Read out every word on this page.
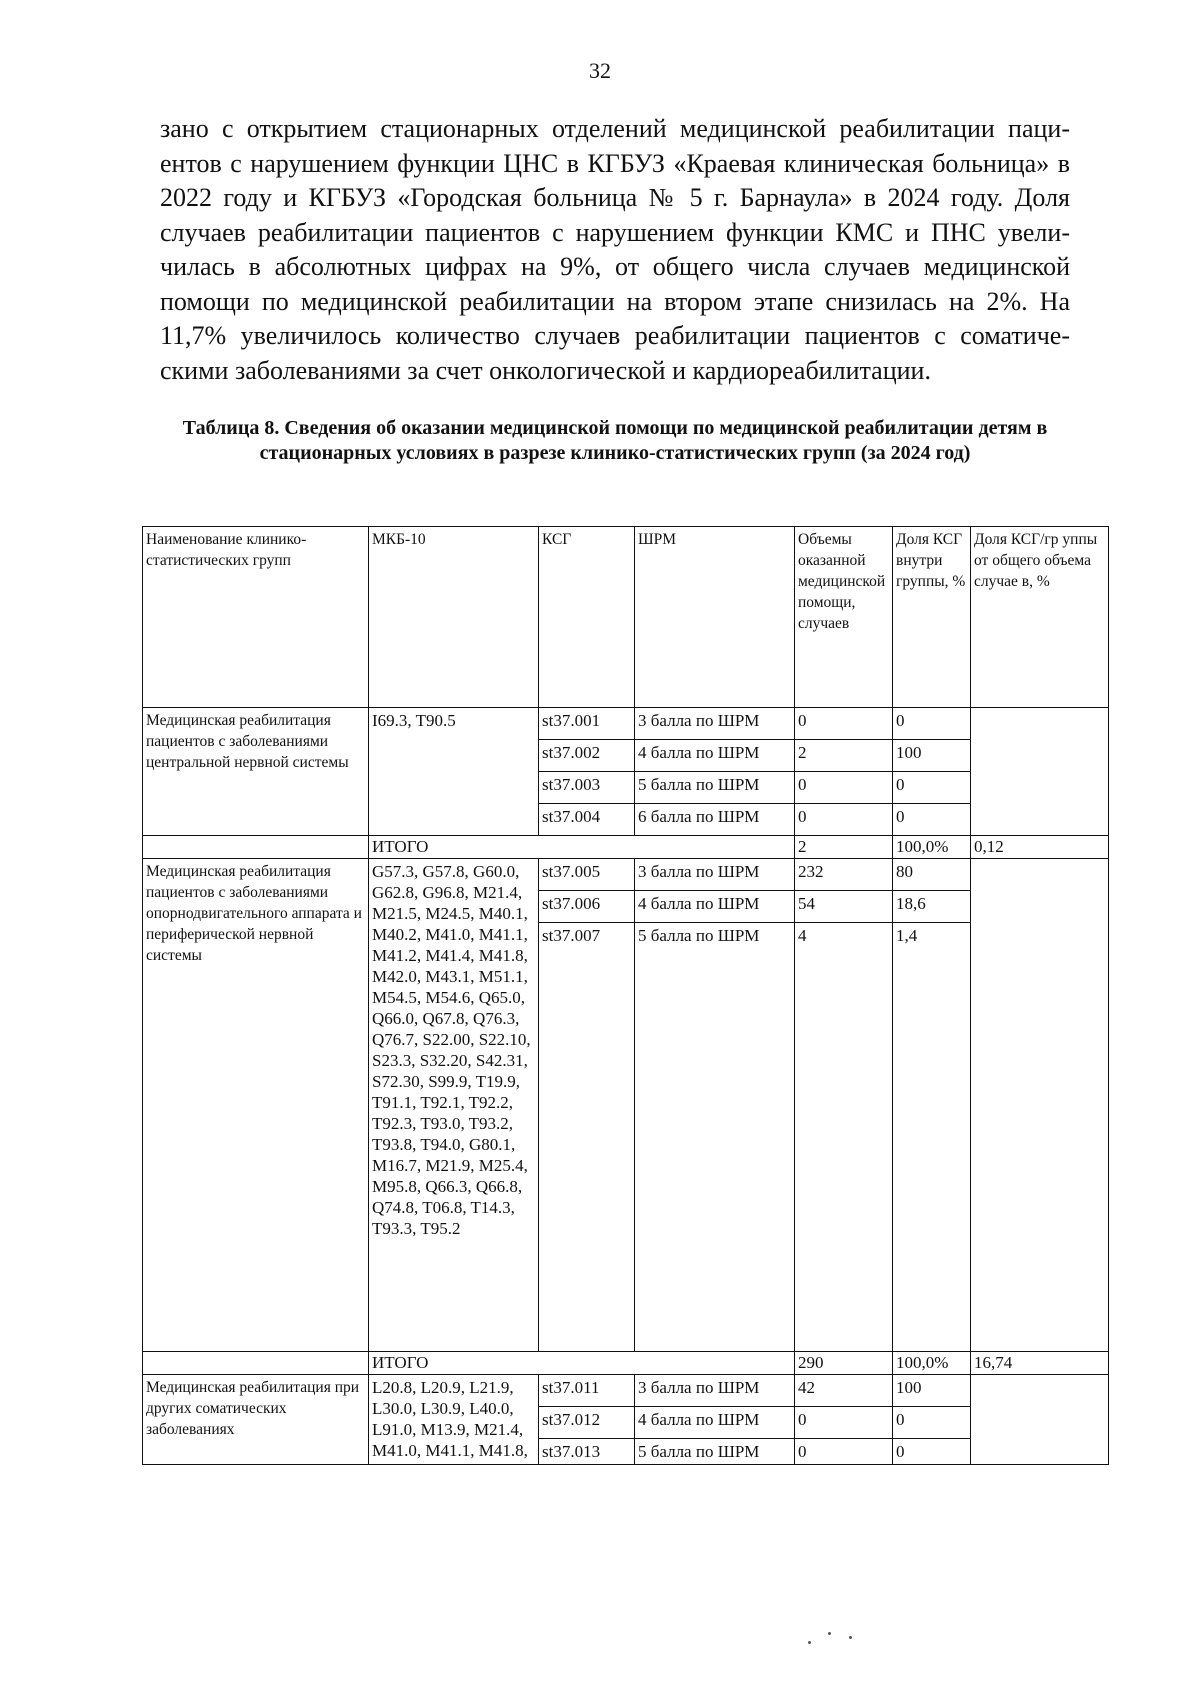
32

зано с открытием стационарных отделений медицинской реабилитации пациентов с нарушением функции ЦНС в КГБУЗ «Краевая клиническая больница» в 2022 году и КГБУЗ «Городская больница № 5 г. Барнаула» в 2024 году. Доля случаев реабилитации пациентов с нарушением функции КМС и ПНС увеличилась в абсолютных цифрах на 9%, от общего числа случаев медицинской помощи по медицинской реабилитации на втором этапе снизилась на 2%. На 11,7% увеличилось количество случаев реабилитации пациентов с соматическими заболеваниями за счет онкологической и кардиореабилитации.

Таблица 8. Сведения об оказании медицинской помощи по медицинской реабилитации детям в стационарных условиях в разрезе клинико-статистических групп (за 2024 год)

Наименование клинико-статистических групп	МКБ-10	КСГ	ШРМ	Объемы оказанной медицинской помощи, случаев	Доля КСГ внутри группы, %	Доля КСГ/гр уппы от общего объема случае в, %
Медицинская реабилитация пациентов с заболеваниями центральной нервной системы	I69.3, T90.5	st37.001	3 балла по ШРМ	0	0	
		st37.002	4 балла по ШРМ	2	100	
		st37.003	5 балла по ШРМ	0	0	
		st37.004	6 балла по ШРМ	0	0	
	ИТОГО			2	100,0%	0,12
Медицинская реабилитация пациентов с заболеваниями опорнодвигательного аппарата и периферической нервной системы	G57.3, G57.8, G60.0, G62.8, G96.8, M21.4, M21.5, M24.5, M40.1, M40.2, M41.0, M41.1, M41.2, M41.4, M41.8, M42.0, M43.1, M51.1, M54.5, M54.6, Q65.0, Q66.0, Q67.8, Q76.3, Q76.7, S22.00, S22.10, S23.3, S32.20, S42.31, S72.30, S99.9, T19.9, T91.1, T92.1, T92.2, T92.3, T93.0, T93.2, T93.8, T94.0, G80.1, M16.7, M21.9, M25.4, M95.8, Q66.3, Q66.8, Q74.8, T06.8, T14.3, T93.3, T95.2	st37.005	3 балла по ШРМ	232	80	
		st37.006	4 балла по ШРМ	54	18,6	
		st37.007	5 балла по ШРМ	4	1,4	
	ИТОГО			290	100,0%	16,74
Медицинская реабилитация при других соматических заболеваниях	L20.8, L20.9, L21.9, L30.0, L30.9, L40.0, L91.0, M13.9, M21.4, M41.0, M41.1, M41.8,	st37.011	3 балла по ШРМ	42	100	
		st37.012	4 балла по ШРМ	0	0	
		st37.013	5 балла по ШРМ	0	0	
